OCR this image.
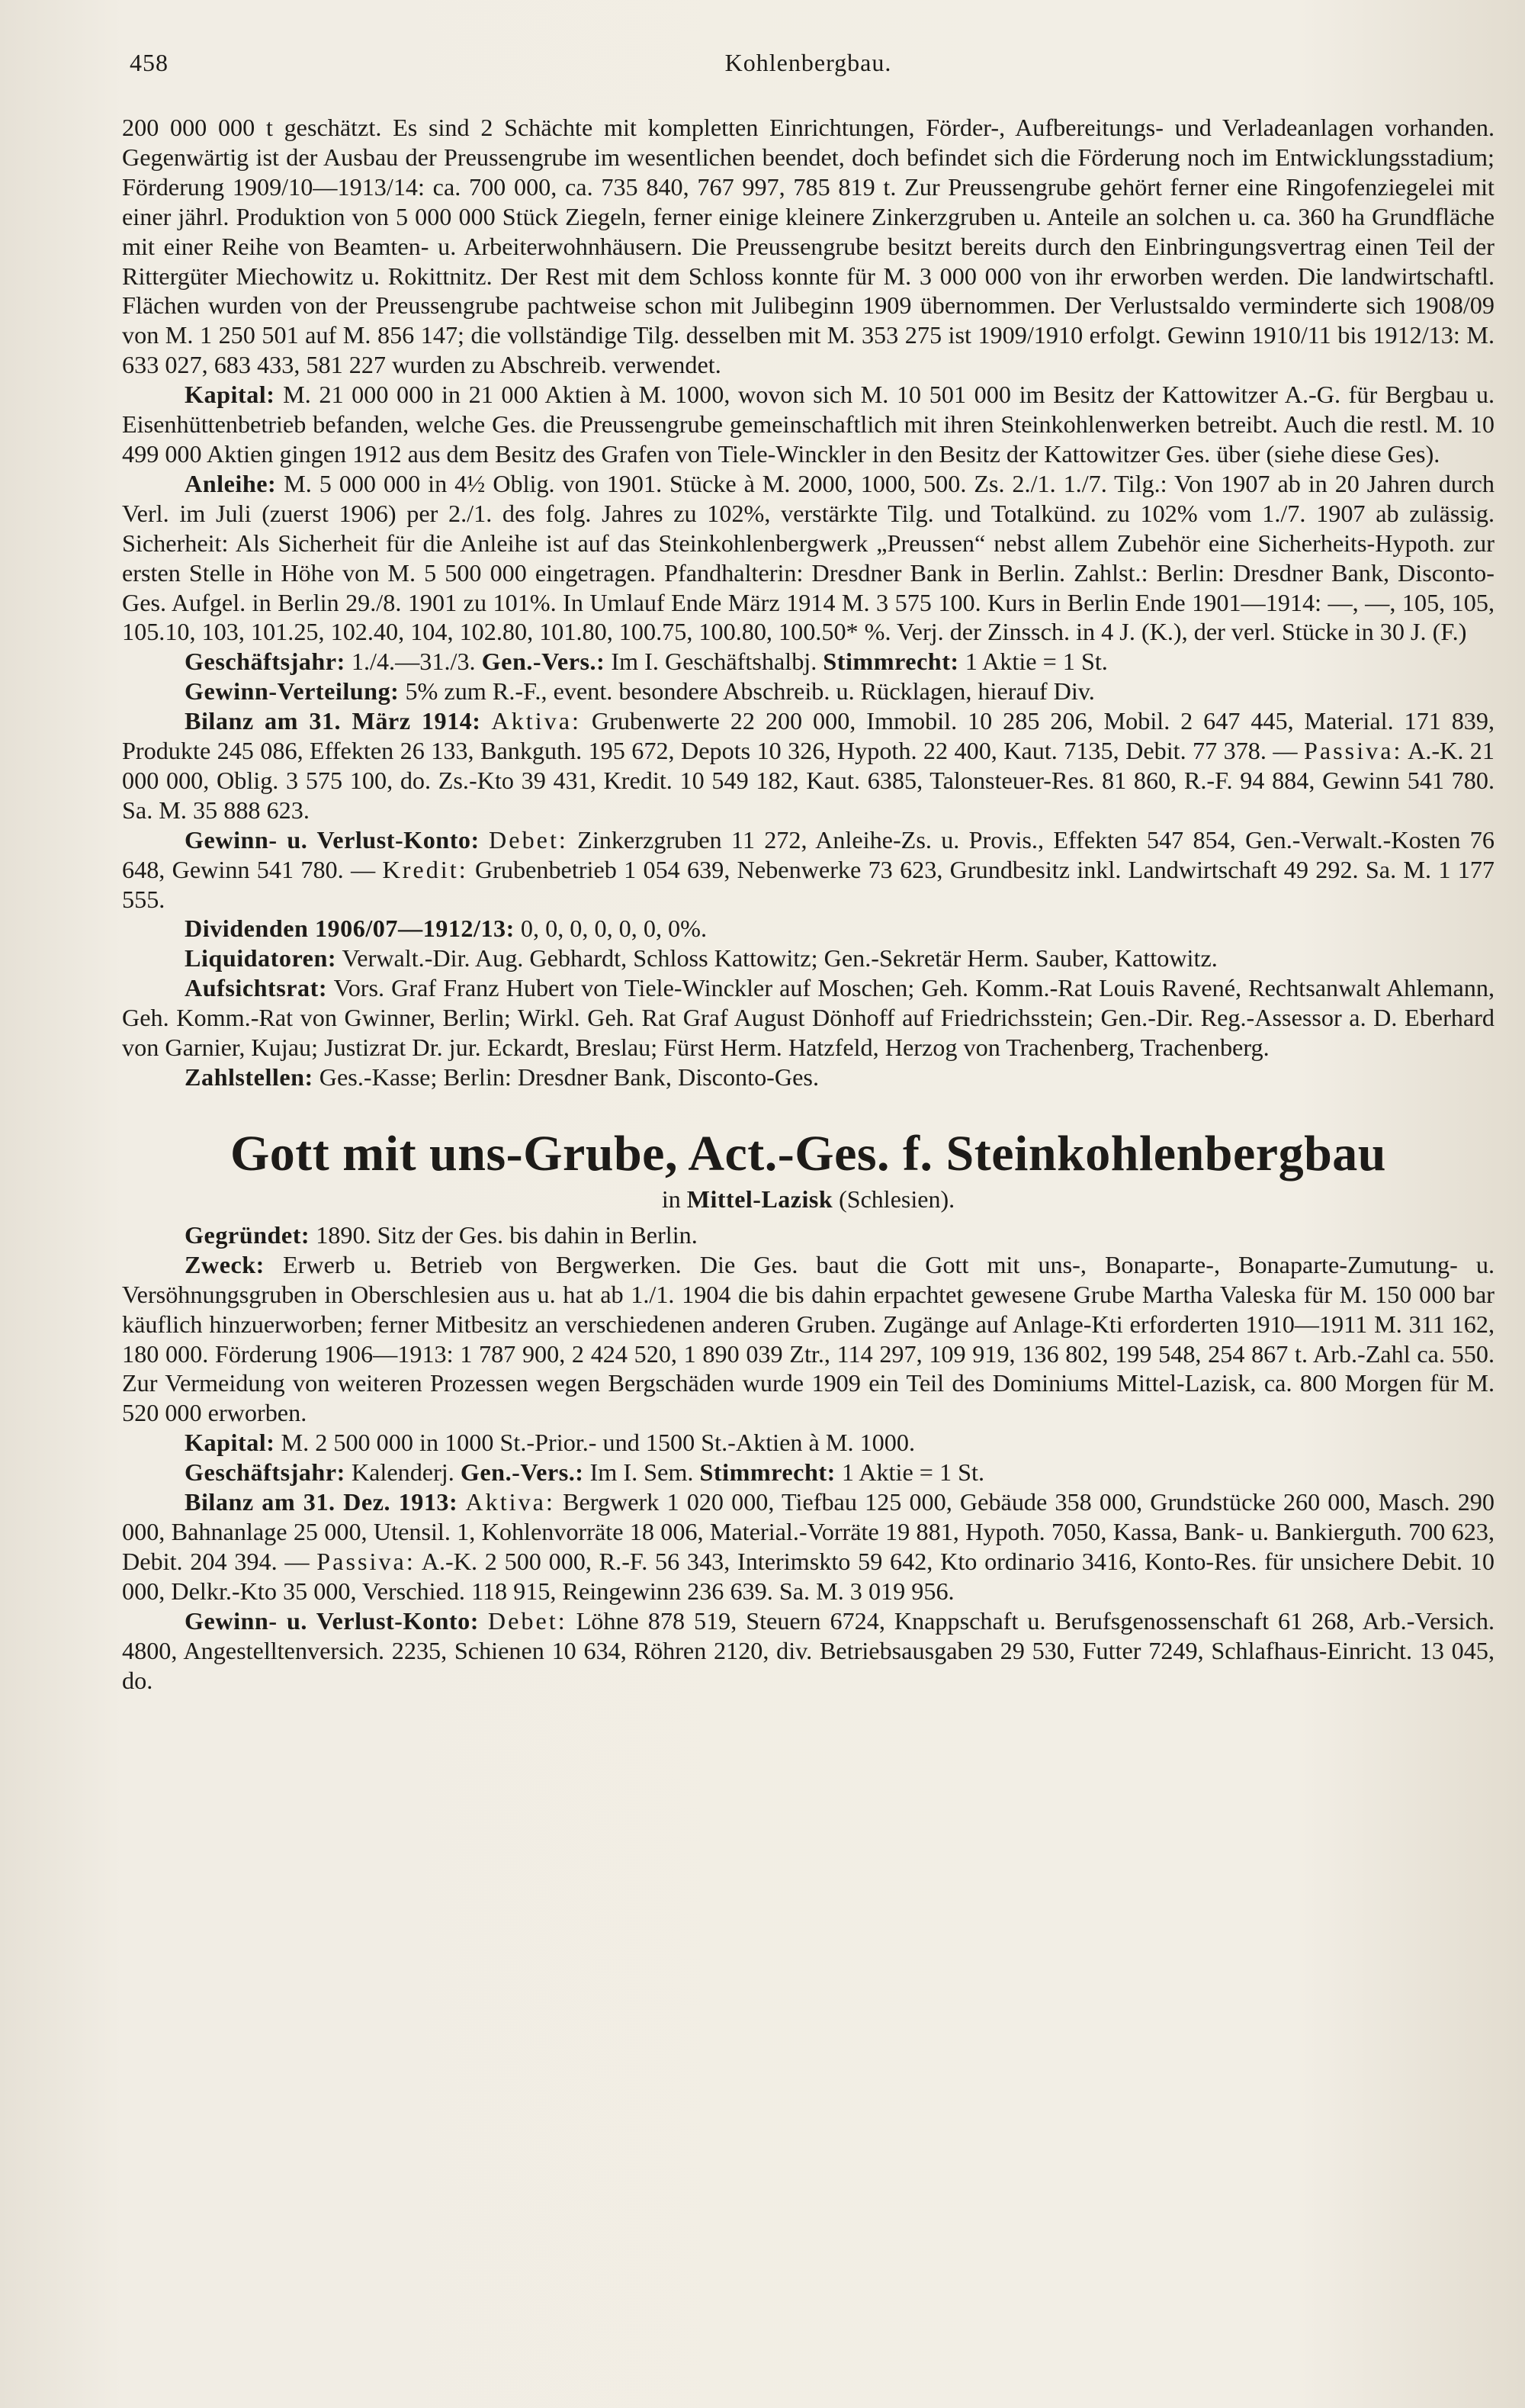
458	Kohlenbergbau.

200 000 000 t geschätzt. Es sind 2 Schächte mit kompletten Einrichtungen, Förder-, Aufbereitungs- und Verladeanlagen vorhanden. Gegenwärtig ist der Ausbau der Preussengrube im wesentlichen beendet, doch befindet sich die Förderung noch im Entwicklungsstadium; Förderung 1909/10—1913/14: ca. 700 000, ca. 735 840, 767 997, 785 819 t. Zur Preussengrube gehört ferner eine Ringofenziegelei mit einer jährl. Produktion von 5 000 000 Stück Ziegeln, ferner einige kleinere Zinkerzgruben u. Anteile an solchen u. ca. 360 ha Grundfläche mit einer Reihe von Beamten- u. Arbeiterwohnhäusern. Die Preussengrube besitzt bereits durch den Einbringungsvertrag einen Teil der Rittergüter Miechowitz u. Rokittnitz. Der Rest mit dem Schloss konnte für M. 3 000 000 von ihr erworben werden. Die landwirtschaftl. Flächen wurden von der Preussengrube pachtweise schon mit Julibeginn 1909 übernommen. Der Verlustsaldo verminderte sich 1908/09 von M. 1 250 501 auf M. 856 147; die vollständige Tilg. desselben mit M. 353 275 ist 1909/1910 erfolgt. Gewinn 1910/11 bis 1912/13: M. 633 027, 683 433, 581 227 wurden zu Abschreib. verwendet.

Kapital: M. 21 000 000 in 21 000 Aktien à M. 1000, wovon sich M. 10 501 000 im Besitz der Kattowitzer A.-G. für Bergbau u. Eisenhüttenbetrieb befanden, welche Ges. die Preussengrube gemeinschaftlich mit ihren Steinkohlenwerken betreibt. Auch die restl. M. 10 499 000 Aktien gingen 1912 aus dem Besitz des Grafen von Tiele-Winckler in den Besitz der Kattowitzer Ges. über (siehe diese Ges).

Anleihe: M. 5 000 000 in 4½ Oblig. von 1901. Stücke à M. 2000, 1000, 500. Zs. 2./1. 1./7. Tilg.: Von 1907 ab in 20 Jahren durch Verl. im Juli (zuerst 1906) per 2./1. des folg. Jahres zu 102%, verstärkte Tilg. und Totalkünd. zu 102% vom 1./7. 1907 ab zulässig. Sicherheit: Als Sicherheit für die Anleihe ist auf das Steinkohlenbergwerk „Preussen“ nebst allem Zubehör eine Sicherheits-Hypoth. zur ersten Stelle in Höhe von M. 5 500 000 eingetragen. Pfandhalterin: Dresdner Bank in Berlin. Zahlst.: Berlin: Dresdner Bank, Disconto-Ges. Aufgel. in Berlin 29./8. 1901 zu 101%. In Umlauf Ende März 1914 M. 3 575 100. Kurs in Berlin Ende 1901—1914: —, —, 105, 105, 105.10, 103, 101.25, 102.40, 104, 102.80, 101.80, 100.75, 100.80, 100.50* %. Verj. der Zinssch. in 4 J. (K.), der verl. Stücke in 30 J. (F.)

Geschäftsjahr: 1./4.—31./3. Gen.-Vers.: Im I. Geschäftshalbj. Stimmrecht: 1 Aktie = 1 St.

Gewinn-Verteilung: 5% zum R.-F., event. besondere Abschreib. u. Rücklagen, hierauf Div.

Bilanz am 31. März 1914: Aktiva: Grubenwerte 22 200 000, Immobil. 10 285 206, Mobil. 2 647 445, Material. 171 839, Produkte 245 086, Effekten 26 133, Bankguth. 195 672, Depots 10 326, Hypoth. 22 400, Kaut. 7135, Debit. 77 378. — Passiva: A.-K. 21 000 000, Oblig. 3 575 100, do. Zs.-Kto 39 431, Kredit. 10 549 182, Kaut. 6385, Talonsteuer-Res. 81 860, R.-F. 94 884, Gewinn 541 780. Sa. M. 35 888 623.

Gewinn- u. Verlust-Konto: Debet: Zinkerzgruben 11 272, Anleihe-Zs. u. Provis., Effekten 547 854, Gen.-Verwalt.-Kosten 76 648, Gewinn 541 780. — Kredit: Grubenbetrieb 1 054 639, Nebenwerke 73 623, Grundbesitz inkl. Landwirtschaft 49 292. Sa. M. 1 177 555.

Dividenden 1906/07—1912/13: 0, 0, 0, 0, 0, 0, 0%.

Liquidatoren: Verwalt.-Dir. Aug. Gebhardt, Schloss Kattowitz; Gen.-Sekretär Herm. Sauber, Kattowitz.

Aufsichtsrat: Vors. Graf Franz Hubert von Tiele-Winckler auf Moschen; Geh. Komm.-Rat Louis Ravené, Rechtsanwalt Ahlemann, Geh. Komm.-Rat von Gwinner, Berlin; Wirkl. Geh. Rat Graf August Dönhoff auf Friedrichsstein; Gen.-Dir. Reg.-Assessor a. D. Eberhard von Garnier, Kujau; Justizrat Dr. jur. Eckardt, Breslau; Fürst Herm. Hatzfeld, Herzog von Trachenberg, Trachenberg.

Zahlstellen: Ges.-Kasse; Berlin: Dresdner Bank, Disconto-Ges.

Gott mit uns-Grube, Act.-Ges. f. Steinkohlenbergbau
in Mittel-Lazisk (Schlesien).

Gegründet: 1890. Sitz der Ges. bis dahin in Berlin.

Zweck: Erwerb u. Betrieb von Bergwerken. Die Ges. baut die Gott mit uns-, Bonaparte-, Bonaparte-Zumutung- u. Versöhnungsgruben in Oberschlesien aus u. hat ab 1./1. 1904 die bis dahin erpachtet gewesene Grube Martha Valeska für M. 150 000 bar käuflich hinzuerworben; ferner Mitbesitz an verschiedenen anderen Gruben. Zugänge auf Anlage-Kti erforderten 1910—1911 M. 311 162, 180 000. Förderung 1906—1913: 1 787 900, 2 424 520, 1 890 039 Ztr., 114 297, 109 919, 136 802, 199 548, 254 867 t. Arb.-Zahl ca. 550. Zur Vermeidung von weiteren Prozessen wegen Bergschäden wurde 1909 ein Teil des Dominiums Mittel-Lazisk, ca. 800 Morgen für M. 520 000 erworben.

Kapital: M. 2 500 000 in 1000 St.-Prior.- und 1500 St.-Aktien à M. 1000.

Geschäftsjahr: Kalenderj. Gen.-Vers.: Im I. Sem. Stimmrecht: 1 Aktie = 1 St.

Bilanz am 31. Dez. 1913: Aktiva: Bergwerk 1 020 000, Tiefbau 125 000, Gebäude 358 000, Grundstücke 260 000, Masch. 290 000, Bahnanlage 25 000, Utensil. 1, Kohlenvorräte 18 006, Material.-Vorräte 19 881, Hypoth. 7050, Kassa, Bank- u. Bankierguth. 700 623, Debit. 204 394. — Passiva: A.-K. 2 500 000, R.-F. 56 343, Interimskto 59 642, Kto ordinario 3416, Konto-Res. für unsichere Debit. 10 000, Delkr.-Kto 35 000, Verschied. 118 915, Reingewinn 236 639. Sa. M. 3 019 956.

Gewinn- u. Verlust-Konto: Debet: Löhne 878 519, Steuern 6724, Knappschaft u. Berufsgenossenschaft 61 268, Arb.-Versich. 4800, Angestelltenversich. 2235, Schienen 10 634, Röhren 2120, div. Betriebsausgaben 29 530, Futter 7249, Schlafhaus-Einricht. 13 045, do.
